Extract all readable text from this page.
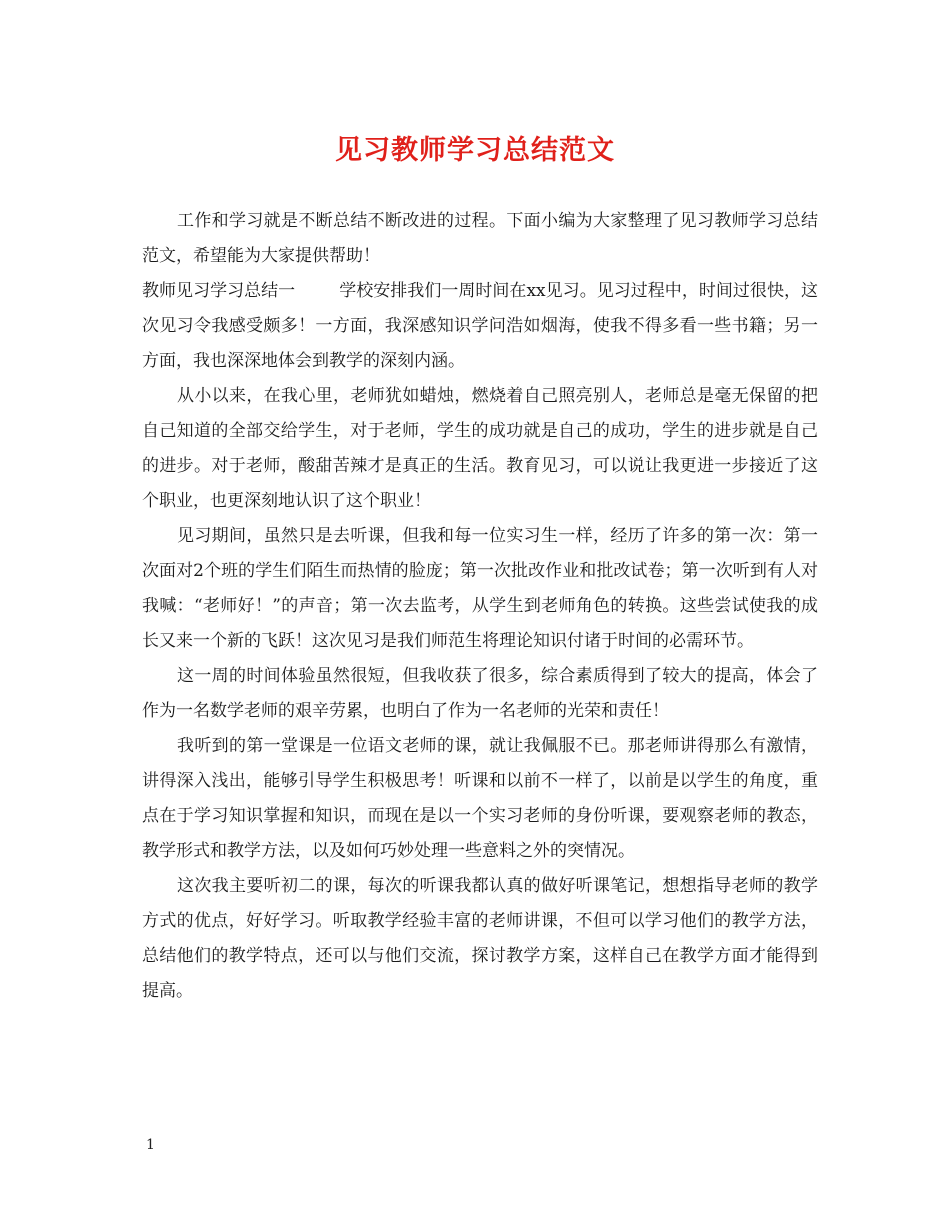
见习教师学习总结范文

工作和学习就是不断总结不断改进的过程。下面小编为大家整理了见习教师学习总结范文，希望能为大家提供帮助！

教师见习学习总结一	学校安排我们一周时间在xx见习。见习过程中，时间过很快，这次见习令我感受颇多！一方面，我深感知识学问浩如烟海，使我不得多看一些书籍；另一方面，我也深深地体会到教学的深刻内涵。

从小以来，在我心里，老师犹如蜡烛，燃烧着自己照亮别人，老师总是毫无保留的把自己知道的全部交给学生，对于老师，学生的成功就是自己的成功，学生的进步就是自己的进步。对于老师，酸甜苦辣才是真正的生活。教育见习，可以说让我更进一步接近了这个职业，也更深刻地认识了这个职业！

见习期间，虽然只是去听课，但我和每一位实习生一样，经历了许多的第一次：第一次面对2个班的学生们陌生而热情的脸庞；第一次批改作业和批改试卷；第一次听到有人对我喊：“老师好！”的声音；第一次去监考，从学生到老师角色的转换。这些尝试使我的成长又来一个新的飞跃！这次见习是我们师范生将理论知识付诸于时间的必需环节。

这一周的时间体验虽然很短，但我收获了很多，综合素质得到了较大的提高，体会了作为一名数学老师的艰辛劳累，也明白了作为一名老师的光荣和责任！

我听到的第一堂课是一位语文老师的课，就让我佩服不已。那老师讲得那么有激情，讲得深入浅出，能够引导学生积极思考！听课和以前不一样了，以前是以学生的角度，重点在于学习知识掌握和知识，而现在是以一个实习老师的身份听课，要观察老师的教态，教学形式和教学方法，以及如何巧妙处理一些意料之外的突情况。

这次我主要听初二的课，每次的听课我都认真的做好听课笔记，想想指导老师的教学方式的优点，好好学习。听取教学经验丰富的老师讲课，不但可以学习他们的教学方法，总结他们的教学特点，还可以与他们交流，探讨教学方案，这样自己在教学方面才能得到提高。

1
